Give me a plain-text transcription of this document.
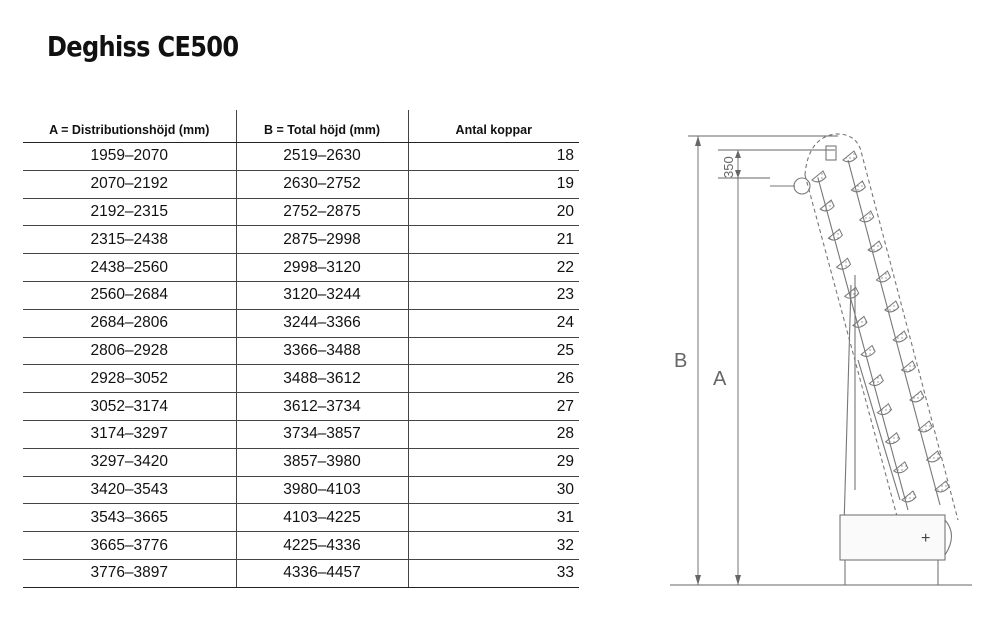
Deghiss CE500
A = Distributionshöjd (mm)	B = Total höjd (mm)	Antal koppar
1959–2070	2519–2630	18
2070–2192	2630–2752	19
2192–2315	2752–2875	20
2315–2438	2875–2998	21
2438–2560	2998–3120	22
2560–2684	3120–3244	23
2684–2806	3244–3366	24
2806–2928	3366–3488	25
2928–3052	3488–3612	26
3052–3174	3612–3734	27
3174–3297	3734–3857	28
3297–3420	3857–3980	29
3420–3543	3980–4103	30
3543–3665	4103–4225	31
3665–3776	4225–4336	32
3776–3897	4336–4457	33
B
A
350
+
